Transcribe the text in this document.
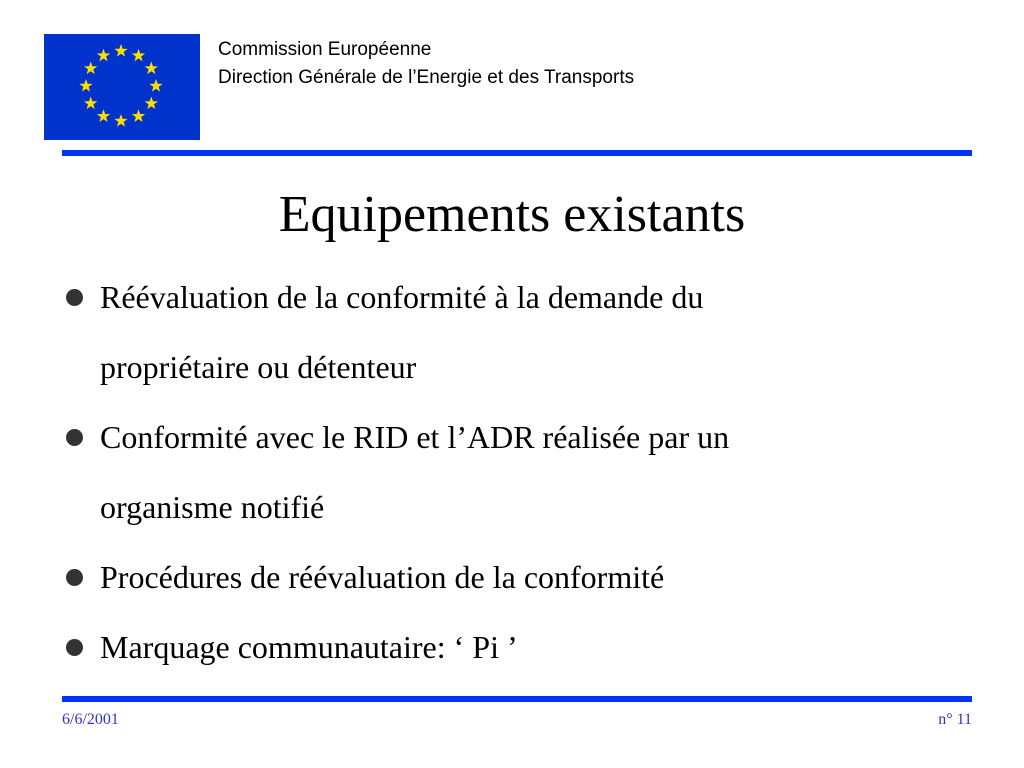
Commission Européenne
Direction Générale de l’Energie et des Transports
Equipements existants
Réévaluation de la conformité à la demande du
propriétaire ou détenteur
Conformité avec le RID et l’ADR réalisée par un
organisme notifié
Procédures de réévaluation de la conformité
Marquage communautaire: ‘ Pi ’
6/6/2001	n° 11
